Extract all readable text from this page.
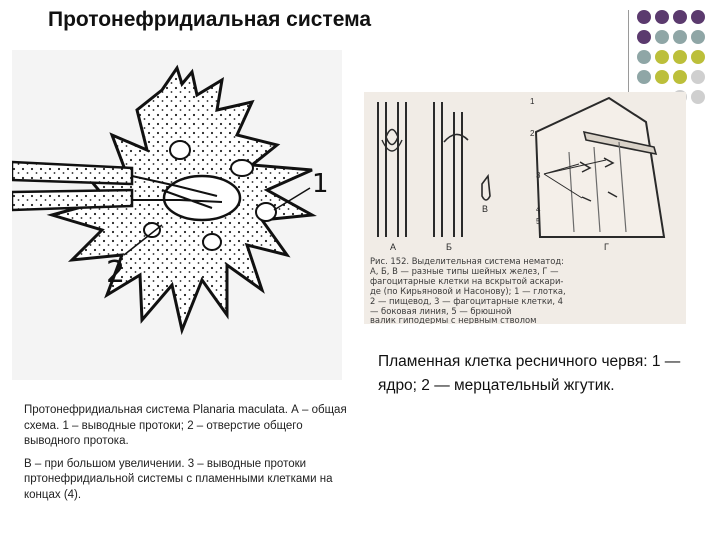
Протонефридиальная система
1
2
1
2
3
4
5
А	Б
В
Г
Рис. 152. Выделительная система нематод:
А, Б, В — разные типы шейных желез, Г —
фагоцитарные клетки на вскрытой аскари-
де (по Кирьяновой и Насонову); 1 — глотка,
2 — пищевод, 3 — фагоцитарные клетки, 4
— боковая линия, 5 — брюшной
валик гиподермы с нервным стволом
Пламенная клетка ресничного червя: 1 — ядро; 2 — мерцательный жгутик.

Протонефридиальная система Planaria maculata. А – общая схема. 1 – выводные протоки; 2 – отверстие общего выводного протока.

В – при большом увеличении. 3 – выводные протоки пртонефридиальной системы с пламенными клетками на концах (4).
